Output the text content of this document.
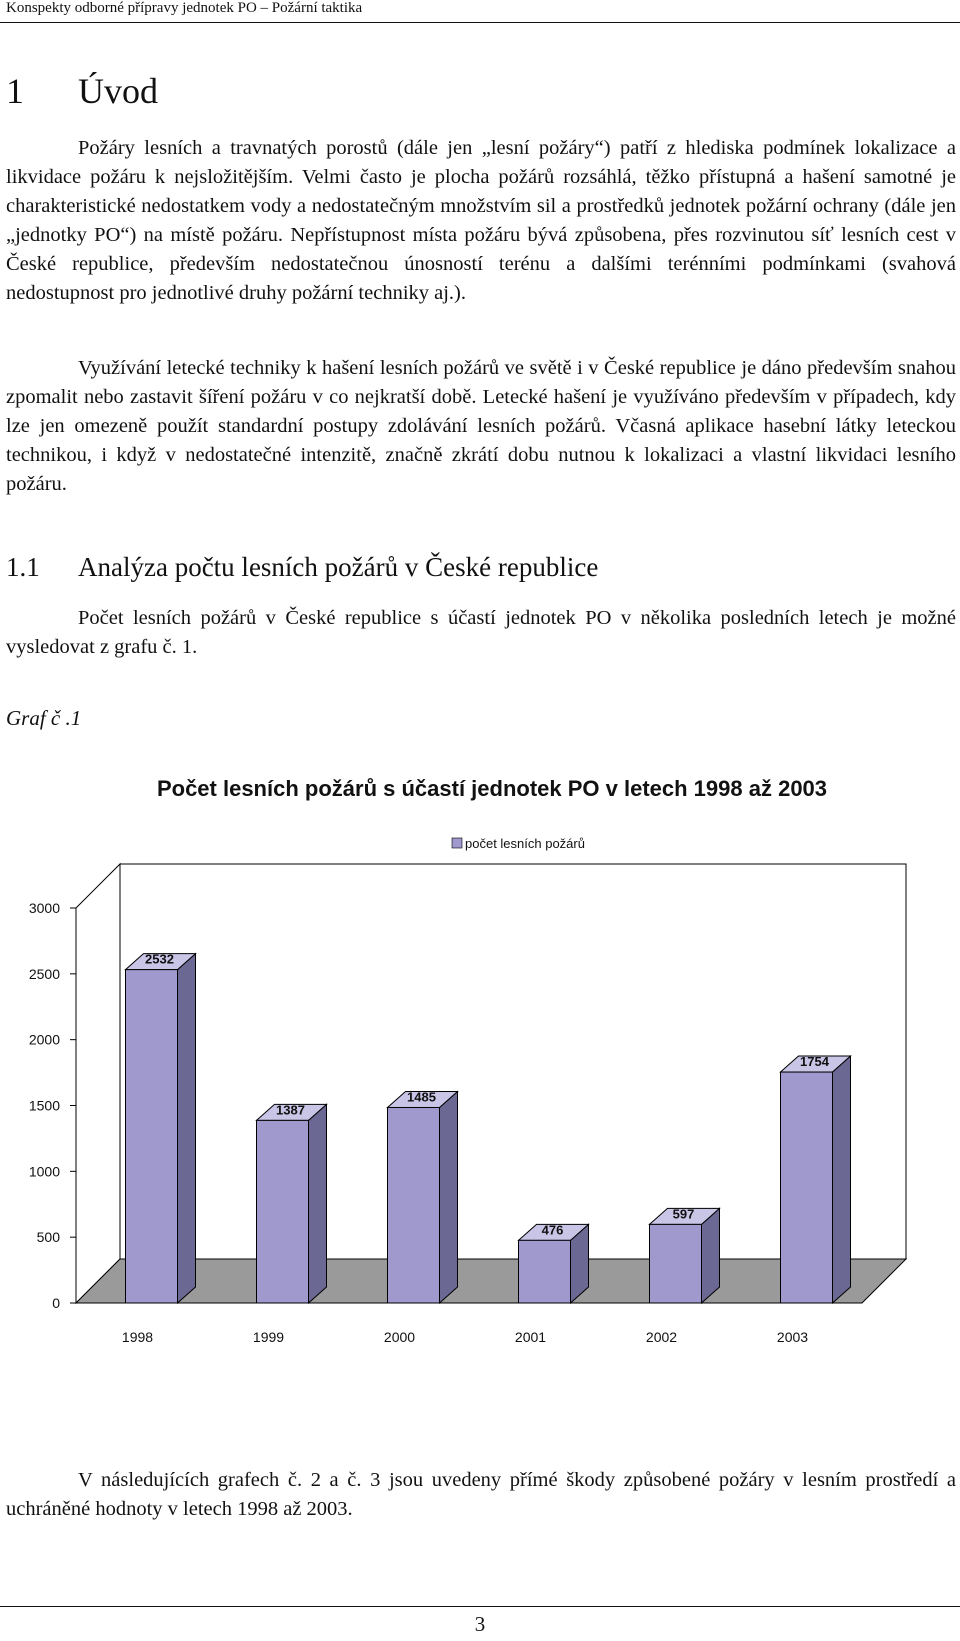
Konspekty odborné přípravy jednotek PO – Požární taktika
1 Úvod

Požáry lesních a travnatých porostů (dále jen „lesní požáry“) patří z hlediska podmínek lokalizace a likvidace požáru k nejsložitějším. Velmi často je plocha požárů rozsáhlá, těžko přístupná a hašení samotné je charakteristické nedostatkem vody a nedostatečným množstvím sil a prostředků jednotek požární ochrany (dále jen „jednotky PO“) na místě požáru. Nepřístupnost místa požáru bývá způsobena, přes rozvinutou síť lesních cest v České republice, především nedostatečnou únosností terénu a dalšími terénními podmínkami (svahová nedostupnost pro jednotlivé druhy požární techniky aj.).

Využívání letecké techniky k hašení lesních požárů ve světě i v České republice je dáno především snahou zpomalit nebo zastavit šíření požáru v co nejkratší době. Letecké hašení je využíváno především v případech, kdy lze jen omezeně použít standardní postupy zdolávání lesních požárů. Včasná aplikace hasební látky leteckou technikou, i když v nedostatečné intenzitě, značně zkrátí dobu nutnou k lokalizaci a vlastní likvidaci lesního požáru.

1.1 Analýza počtu lesních požárů v České republice

Počet lesních požárů v České republice s účastí jednotek PO v několika posledních letech je možné vysledovat z grafu č. 1.

Graf č .1
Počet lesních požárů s účastí jednotek PO v letech 1998 až 2003
počet lesních požárů
0
500
1000
1500
2000
2500
3000
2532
1998
1387
1999
1485
2000
476
2001
597
2002
1754
2003

V následujících grafech č. 2 a č. 3 jsou uvedeny přímé škody způsobené požáry v lesním prostředí a uchráněné hodnoty v letech 1998 až 2003.

3
